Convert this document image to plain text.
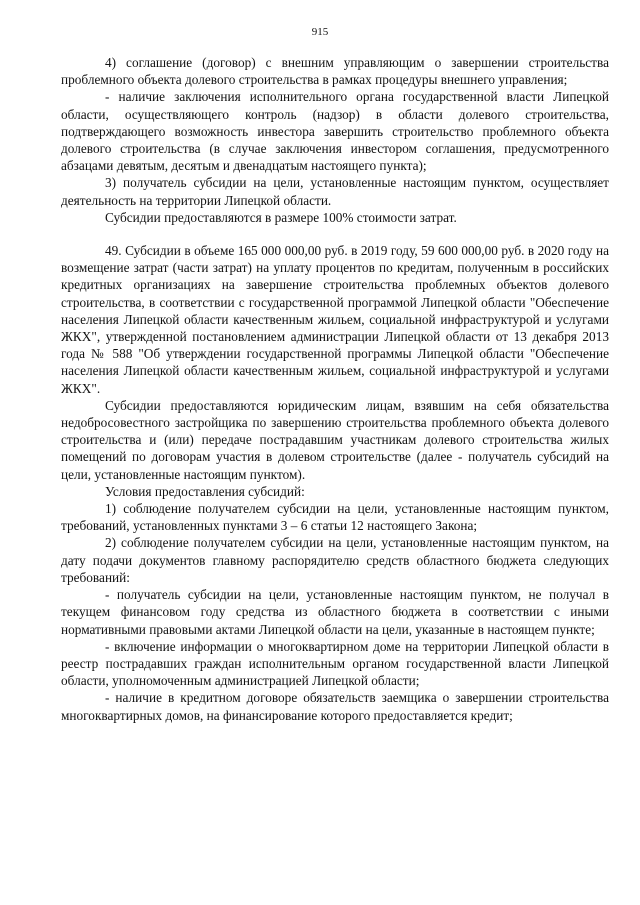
915

4) соглашение (договор) с внешним управляющим о завершении строительства проблемного объекта долевого строительства в рамках процедуры внешнего управления;

- наличие заключения исполнительного органа государственной власти Липецкой области, осуществляющего контроль (надзор) в области долевого строительства, подтверждающего возможность инвестора завершить строительство проблемного объекта долевого строительства (в случае заключения инвестором соглашения, предусмотренного абзацами девятым, десятым и двенадцатым настоящего пункта);

3) получатель субсидии на цели, установленные настоящим пунктом, осуществляет деятельность на территории Липецкой области.

Субсидии предоставляются в размере 100% стоимости затрат.

49. Субсидии в объеме 165 000 000,00 руб. в 2019 году, 59 600 000,00 руб. в 2020 году на возмещение затрат (части затрат) на уплату процентов по кредитам, полученным в российских кредитных организациях на завершение строительства проблемных объектов долевого строительства, в соответствии с государственной программой Липецкой области "Обеспечение населения Липецкой области качественным жильем, социальной инфраструктурой и услугами ЖКХ", утвержденной постановлением администрации Липецкой области от 13 декабря 2013 года № 588 "Об утверждении государственной программы Липецкой области "Обеспечение населения Липецкой области качественным жильем, социальной инфраструктурой и услугами ЖКХ".

Субсидии предоставляются юридическим лицам, взявшим на себя обязательства недобросовестного застройщика по завершению строительства проблемного объекта долевого строительства и (или) передаче пострадавшим участникам долевого строительства жилых помещений по договорам участия в долевом строительстве (далее - получатель субсидий на цели, установленные настоящим пунктом).

Условия предоставления субсидий:

1) соблюдение получателем субсидии на цели, установленные настоящим пунктом, требований, установленных пунктами 3 – 6 статьи 12 настоящего Закона;

2) соблюдение получателем субсидии на цели, установленные настоящим пунктом, на дату подачи документов главному распорядителю средств областного бюджета следующих требований:

- получатель субсидии на цели, установленные настоящим пунктом, не получал в текущем финансовом году средства из областного бюджета в соответствии с иными нормативными правовыми актами Липецкой области на цели, указанные в настоящем пункте;

- включение информации о многоквартирном доме на территории Липецкой области в реестр пострадавших граждан исполнительным органом государственной власти Липецкой области, уполномоченным администрацией Липецкой области;

- наличие в кредитном договоре обязательств заемщика о завершении строительства многоквартирных домов, на финансирование которого предоставляется кредит;
